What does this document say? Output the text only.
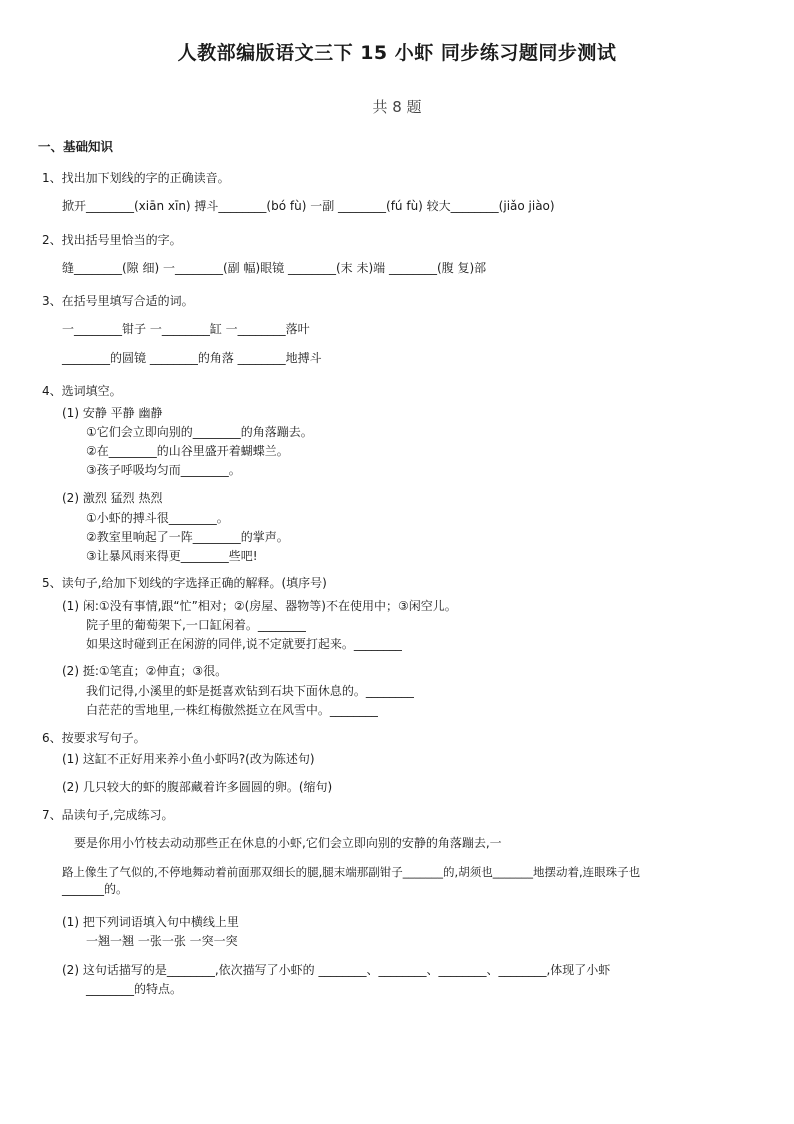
人教部编版语文三下 15 小虾 同步练习题同步测试
共 8 题
一、基础知识
1、找出加下划线的字的正确读音。
掀开________(xiān xīn) 搏斗________(bó fù) 一副 ________(fú fù) 较大________(jiǎo jiào)
2、找出括号里恰当的字。
缝________(隙 细) 一________(副 幅)眼镜 ________(末 未)端 ________(腹 复)部
3、在括号里填写合适的词。
一________钳子 一________缸 一________落叶
________的圆镜 ________的角落 ________地搏斗
4、选词填空。
(1) 安静 平静 幽静
①它们会立即向别的________的角落蹦去。
②在________的山谷里盛开着蝴蝶兰。
③孩子呼吸均匀而________。
(2) 激烈 猛烈 热烈
①小虾的搏斗很________。
②教室里响起了一阵________的掌声。
③让暴风雨来得更________些吧!
5、读句子,给加下划线的字选择正确的解释。(填序号)
(1) 闲:①没有事情,跟“忙”相对；②(房屋、器物等)不在使用中；③闲空儿。
院子里的葡萄架下,一口缸闲着。________
如果这时碰到正在闲游的同伴,说不定就要打起来。________
(2) 挺:①笔直；②伸直；③很。
我们记得,小溪里的虾是挺喜欢钻到石块下面休息的。________
白茫茫的雪地里,一株红梅傲然挺立在风雪中。________
6、按要求写句子。
(1) 这缸不正好用来养小鱼小虾吗?(改为陈述句)
(2) 几只较大的虾的腹部藏着许多圆圆的卵。(缩句)
7、品读句子,完成练习。
要是你用小竹枝去动动那些正在休息的小虾,它们会立即向别的安静的角落蹦去,一
路上像生了气似的,不停地舞动着前面那双细长的腿,腿末端那副钳子_______的,胡须也_______地摆动着,连眼珠子也
_______的。
(1) 把下列词语填入句中横线上里
一翘一翘 一张一张 一突一突
(2) 这句话描写的是________,依次描写了小虾的 ________、________、________、________,体现了小虾
________的特点。
